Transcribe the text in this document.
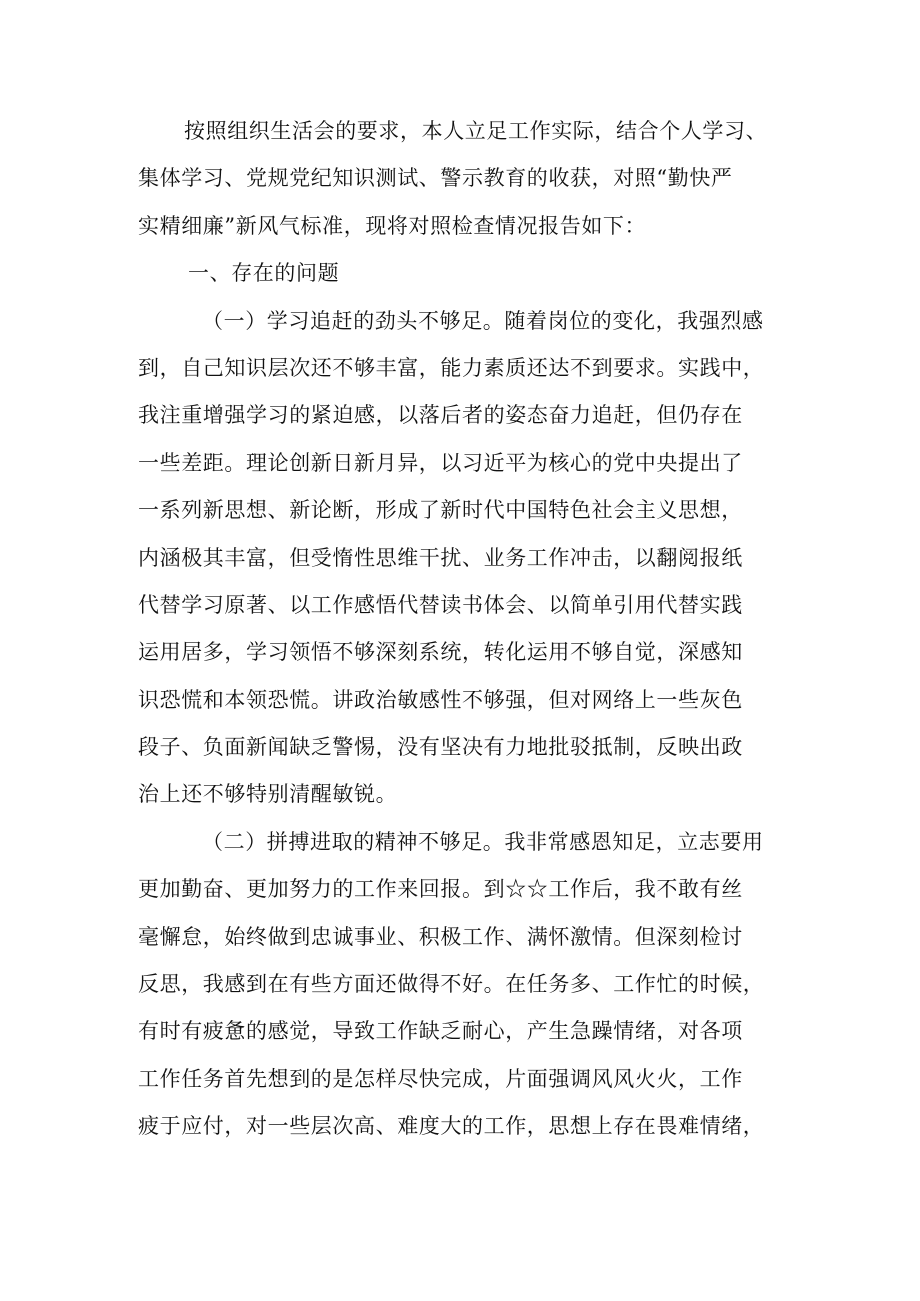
按照组织生活会的要求，本人立足工作实际，结合个人学习、
集体学习、党规党纪知识测试、警示教育的收获，对照“勤快严
实精细廉”新风气标准，现将对照检查情况报告如下：
一、存在的问题
（一）学习追赶的劲头不够足。随着岗位的变化，我强烈感
到，自己知识层次还不够丰富，能力素质还达不到要求。实践中，
我注重增强学习的紧迫感，以落后者的姿态奋力追赶，但仍存在
一些差距。理论创新日新月异，以习近平为核心的党中央提出了
一系列新思想、新论断，形成了新时代中国特色社会主义思想，
内涵极其丰富，但受惰性思维干扰、业务工作冲击，以翻阅报纸
代替学习原著、以工作感悟代替读书体会、以简单引用代替实践
运用居多，学习领悟不够深刻系统，转化运用不够自觉，深感知
识恐慌和本领恐慌。讲政治敏感性不够强，但对网络上一些灰色
段子、负面新闻缺乏警惕，没有坚决有力地批驳抵制，反映出政
治上还不够特别清醒敏锐。
（二）拼搏进取的精神不够足。我非常感恩知足，立志要用
更加勤奋、更加努力的工作来回报。到☆☆工作后，我不敢有丝
毫懈怠，始终做到忠诚事业、积极工作、满怀激情。但深刻检讨
反思，我感到在有些方面还做得不好。在任务多、工作忙的时候，
有时有疲惫的感觉，导致工作缺乏耐心，产生急躁情绪，对各项
工作任务首先想到的是怎样尽快完成，片面强调风风火火，工作
疲于应付，对一些层次高、难度大的工作，思想上存在畏难情绪，
